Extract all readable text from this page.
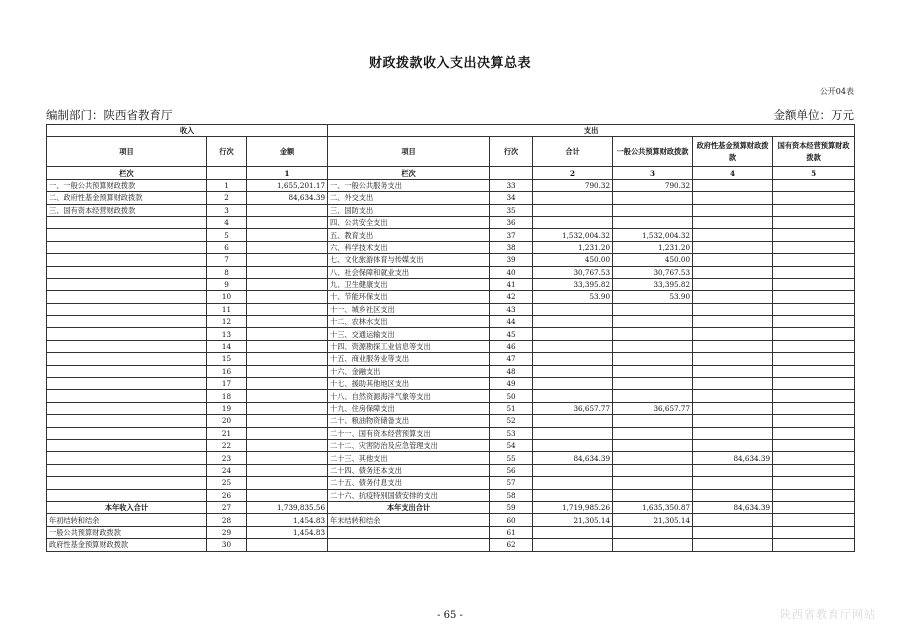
财政拨款收入支出决算总表
公开04表
编制部门：陕西省教育厅	金额单位：万元
收入			支出					
项目	行次	金额	项目	行次	合计	一般公共预算财政拨款	政府性基金预算财政拨款	国有资本经营预算财政拨款
栏次		1	栏次		2	3	4	5
一、一般公共预算财政拨款	1	1,655,201.17	一、一般公共服务支出	33	790.32	790.32		
二、政府性基金预算财政拨款	2	84,634.39	二、外交支出	34				
三、国有资本经营财政拨款	3		三、国防支出	35				
	4		四、公共安全支出	36				
	5		五、教育支出	37	1,532,004.32	1,532,004.32		
	6		六、科学技术支出	38	1,231.20	1,231.20		
	7		七、文化旅游体育与传媒支出	39	450.00	450.00		
	8		八、社会保障和就业支出	40	30,767.53	30,767.53		
	9		九、卫生健康支出	41	33,395.82	33,395.82		
	10		十、节能环保支出	42	53.90	53.90		
	11		十一、城乡社区支出	43				
	12		十二、农林水支出	44				
	13		十三、交通运输支出	45				
	14		十四、资源勘探工业信息等支出	46				
	15		十五、商业服务业等支出	47				
	16		十六、金融支出	48				
	17		十七、援助其他地区支出	49				
	18		十八、自然资源海洋气象等支出	50				
	19		十九、住房保障支出	51	36,657.77	36,657.77		
	20		二十、粮油物资储备支出	52				
	21		二十一、国有资本经营预算支出	53				
	22		二十二、灾害防治及应急管理支出	54				
	23		二十三、其他支出	55	84,634.39		84,634.39	
	24		二十四、债务还本支出	56				
	25		二十五、债务付息支出	57				
	26		二十六、抗疫特别国债安排的支出	58				
本年收入合计	27	1,739,835.56	本年支出合计	59	1,719,985.26	1,635,350.87	84,634.39	
年初结转和结余	28	1,454.83	年末结转和结余	60	21,305.14	21,305.14		
一般公共预算财政拨款	29	1,454.83		61				
政府性基金预算财政拨款	30			62				
- 65 -	陕西省教育厅网站
